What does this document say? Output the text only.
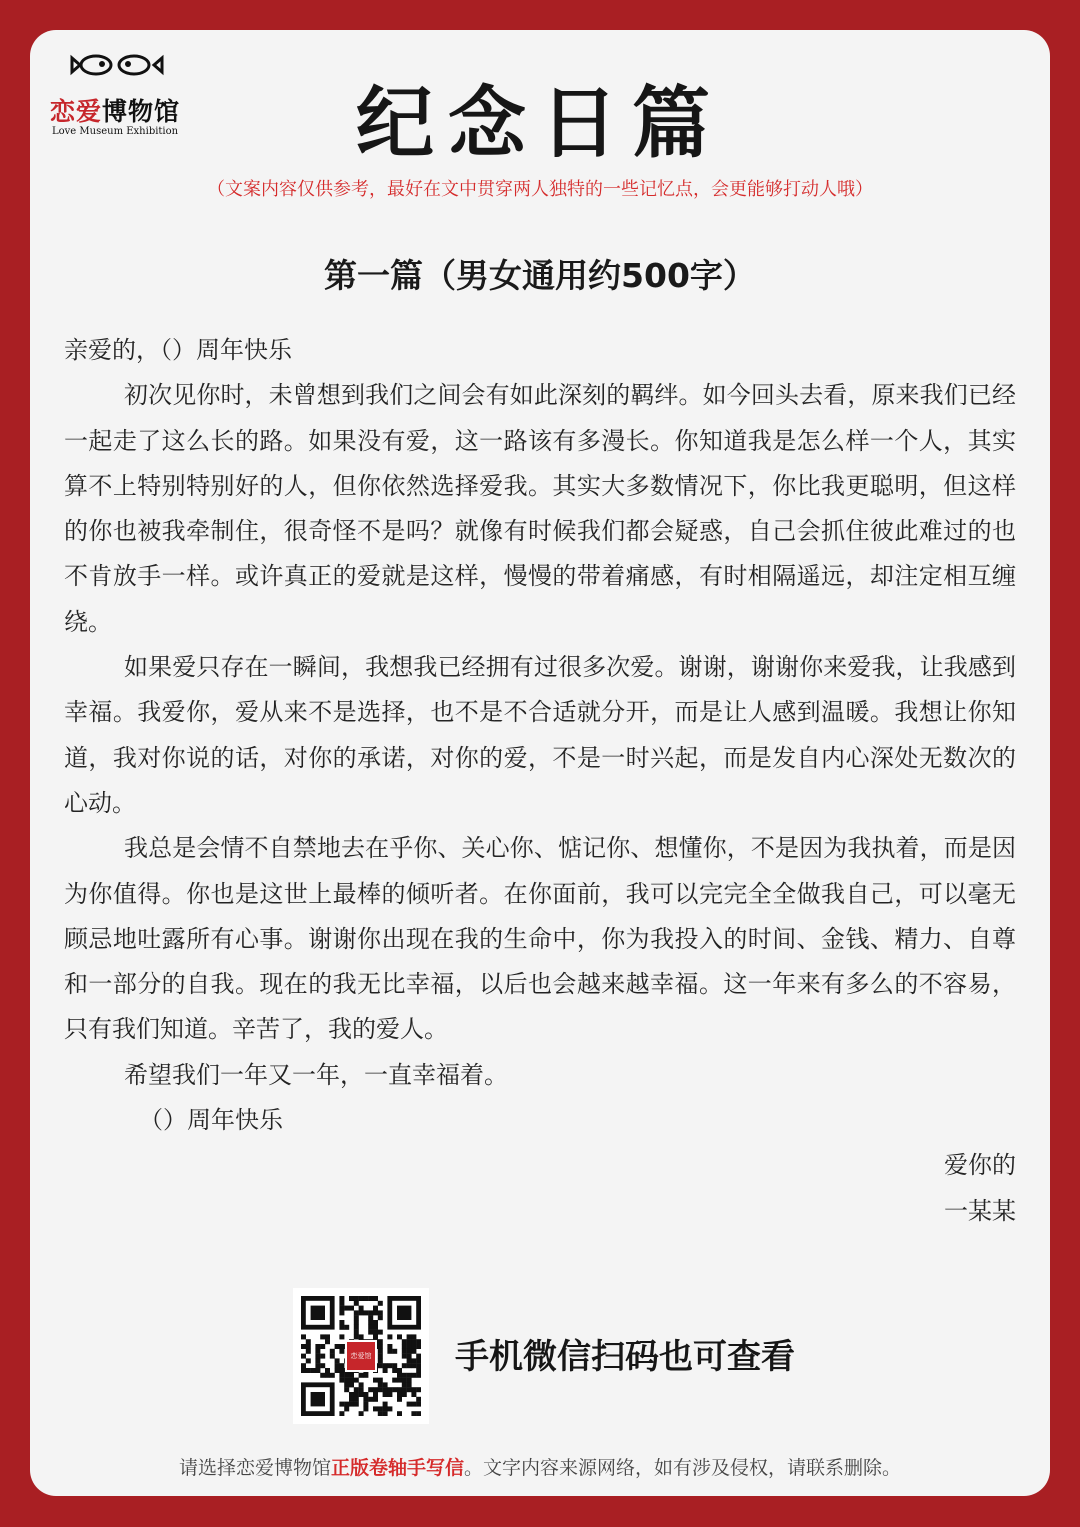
恋爱博物馆
Love Museum Exhibition	纪念日篇
（文案内容仅供参考，最好在文中贯穿两人独特的一些记忆点，会更能够打动人哦）
第一篇（男女通用约500字）

亲爱的，（）周年快乐

初次见你时，未曾想到我们之间会有如此深刻的羁绊。如今回头去看，原来我们已经一起走了这么长的路。如果没有爱，这一路该有多漫长。你知道我是怎么样一个人，其实算不上特别特别好的人，但你依然选择爱我。其实大多数情况下，你比我更聪明，但这样的你也被我牵制住，很奇怪不是吗？就像有时候我们都会疑惑，自己会抓住彼此难过的也不肯放手一样。或许真正的爱就是这样，慢慢的带着痛感，有时相隔遥远，却注定相互缠绕。

如果爱只存在一瞬间，我想我已经拥有过很多次爱。谢谢，谢谢你来爱我，让我感到幸福。我爱你，爱从来不是选择，也不是不合适就分开，而是让人感到温暖。我想让你知道，我对你说的话，对你的承诺，对你的爱，不是一时兴起，而是发自内心深处无数次的心动。

我总是会情不自禁地去在乎你、关心你、惦记你、想懂你，不是因为我执着，而是因为你值得。你也是这世上最棒的倾听者。在你面前，我可以完完全全做我自己，可以毫无顾忌地吐露所有心事。谢谢你出现在我的生命中，你为我投入的时间、金钱、精力、自尊和一部分的自我。现在的我无比幸福，以后也会越来越幸福。这一年来有多么的不容易，只有我们知道。辛苦了，我的爱人。

希望我们一年又一年，一直幸福着。

（）周年快乐

爱你的

一某某

恋爱馆 手机微信扫码也可查看
请选择恋爱博物馆正版卷轴手写信。文字内容来源网络，如有涉及侵权，请联系删除。
